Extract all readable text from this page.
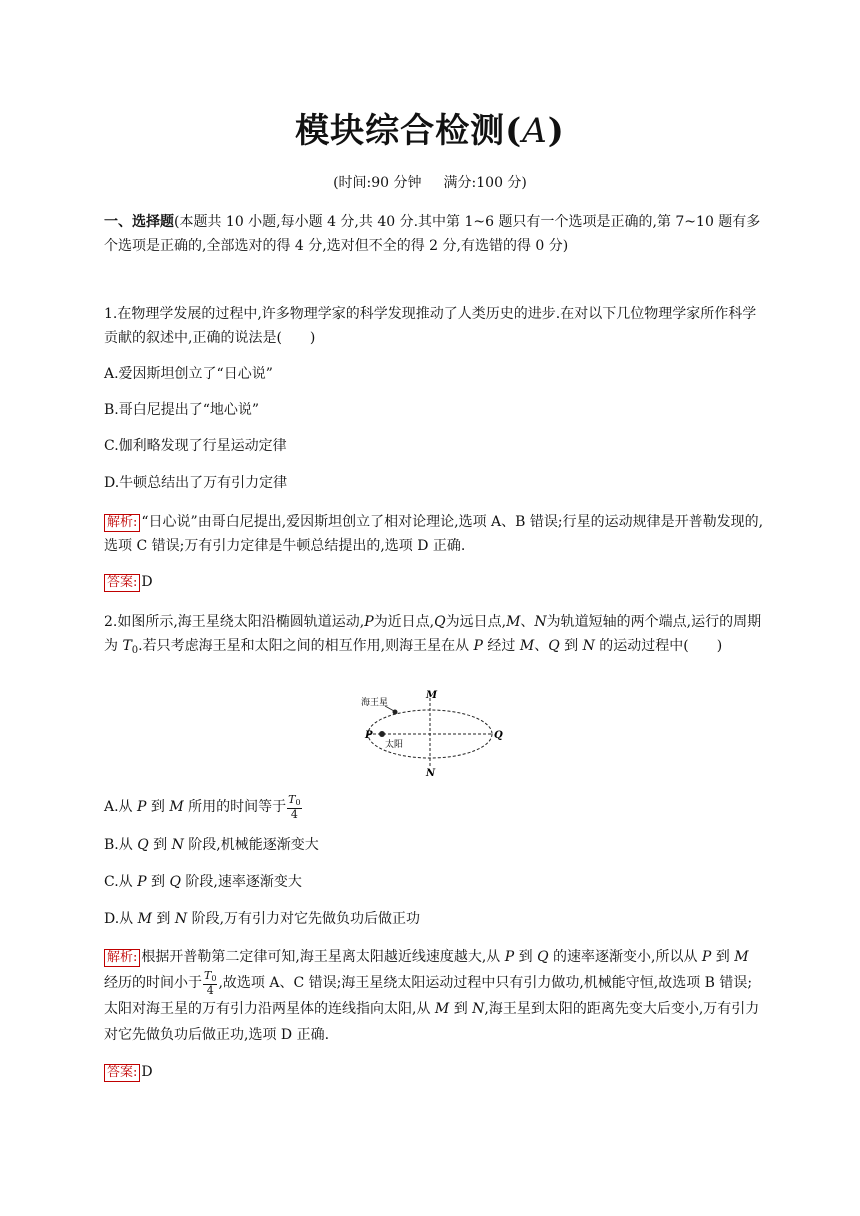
模块综合检测(A)
(时间:90 分钟 满分:100 分)
一、选择题(本题共 10 小题,每小题 4 分,共 40 分.其中第 1~6 题只有一个选项是正确的,第 7~10 题有多个选项是正确的,全部选对的得 4 分,选对但不全的得 2 分,有选错的得 0 分)
1.在物理学发展的过程中,许多物理学家的科学发现推动了人类历史的进步.在对以下几位物理学家所作科学贡献的叙述中,正确的说法是(　　)
A.爱因斯坦创立了“日心说”
B.哥白尼提出了“地心说”
C.伽利略发现了行星运动定律
D.牛顿总结出了万有引力定律
解析: “日心说”由哥白尼提出,爱因斯坦创立了相对论理论,选项 A、B 错误;行星的运动规律是开普勒发现的,选项 C 错误;万有引力定律是牛顿总结提出的,选项 D 正确.
答案: D
2.如图所示,海王星绕太阳沿椭圆轨道运动,P为近日点,Q为远日点,M、N为轨道短轴的两个端点,运行的周期为 $T_0$.若只考虑海王星和太阳之间的相互作用,则海王星在从 P 经过 M、Q 到 N 的运动过程中(　　)
海王星
太阳
M
N
P	Q
A.从 P 到 M 所用的时间等于 $\frac{T_0}{4}$
B.从 Q 到 N 阶段,机械能逐渐变大
C.从 P 到 Q 阶段,速率逐渐变大
D.从 M 到 N 阶段,万有引力对它先做负功后做正功
解析: 根据开普勒第二定律可知,海王星离太阳越近线速度越大,从 P 到 Q 的速率逐渐变小,所以从 P 到 M 经历的时间小于 $\frac{T_0}{4}$ ,故选项 A、C 错误;海王星绕太阳运动过程中只有引力做功,机械能守恒,故选项 B 错误;太阳对海王星的万有引力沿两星体的连线指向太阳,从 M 到 N,海王星到太阳的距离先变大后变小,万有引力对它先做负功后做正功,选项 D 正确.
答案: D
